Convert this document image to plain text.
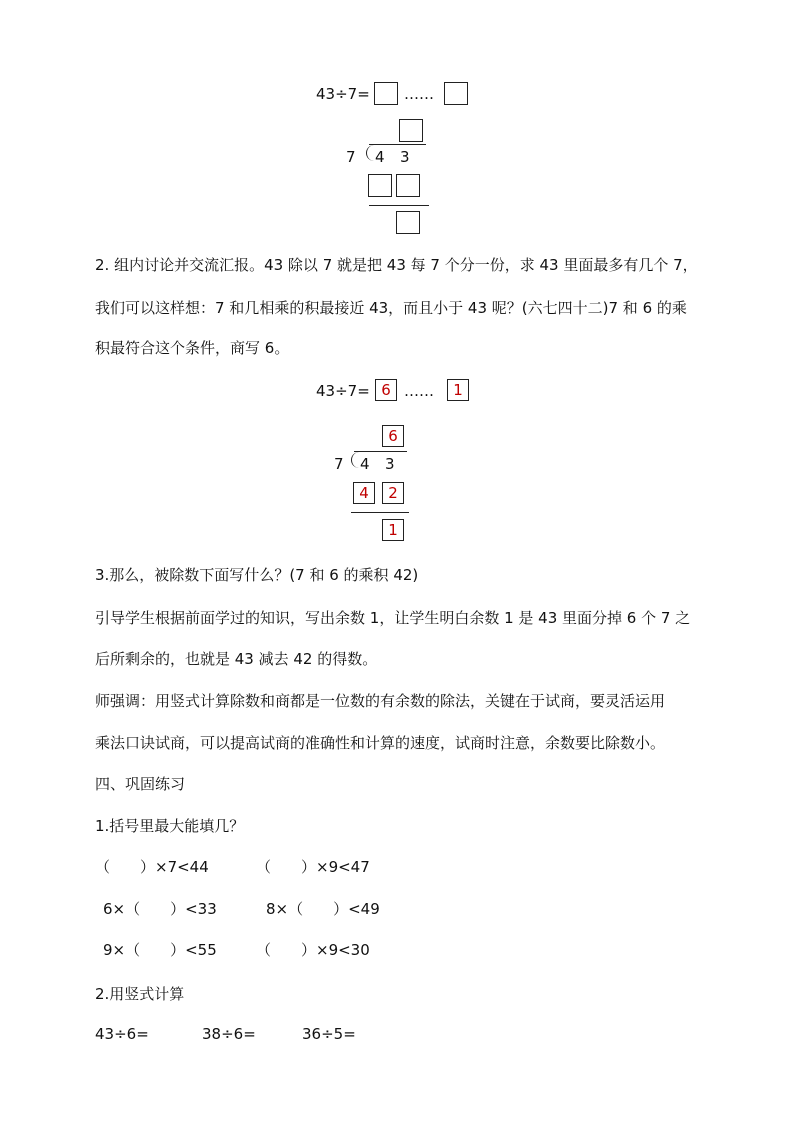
43÷7= ……
7 4 3
2. 组内讨论并交流汇报。43 除以 7 就是把 43 每 7 个分一份，求 43 里面最多有几个 7，
我们可以这样想：7 和几相乘的积最接近 43，而且小于 43 呢？(六七四十二)7 和 6 的乘
积最符合这个条件，商写 6。
43÷7= 6 ……	1
6
7 4 3
4	2
1
3.那么，被除数下面写什么？(7 和 6 的乘积 42)
引导学生根据前面学过的知识，写出余数 1，让学生明白余数 1 是 43 里面分掉 6 个 7 之
后所剩余的，也就是 43 减去 42 的得数。
师强调：用竖式计算除数和商都是一位数的有余数的除法，关键在于试商，要灵活运用
乘法口诀试商，可以提高试商的准确性和计算的速度，试商时注意，余数要比除数小。
四、巩固练习
1.括号里最大能填几？
（　　）×7<44	（　　）×9<47
6×（　　）<33	8×（　　）<49
9×（　　）<55	（　　）×9<30
2.用竖式计算
43÷6=	38÷6=	36÷5=
